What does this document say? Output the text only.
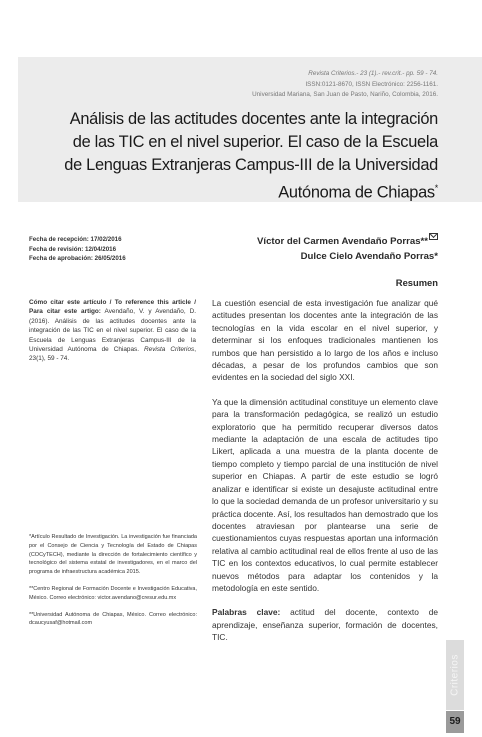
Revista Criterios.- 23 (1).- rev.crit.- pp. 59 - 74.
ISSN:0121-8670, ISSN Electrónico: 2256-1161.
Universidad Mariana, San Juan de Pasto, Nariño, Colombia, 2016.
Análisis de las actitudes docentes ante la integración
de las TIC en el nivel superior. El caso de la Escuela
de Lenguas Extranjeras Campus-III de la Universidad
Autónoma de Chiapas*
Fecha de recepción: 17/02/2016
Fecha de revisión: 12/04/2016
Fecha de aprobación: 26/05/2016
Víctor del Carmen Avendaño Porras**
Dulce Cielo Avendaño Porras*
Resumen
Cómo citar este artículo / To reference this article / Para citar este artigo: Avendaño, V. y Avendaño, D. (2016). Análisis de las actitudes docentes ante la integración de las TIC en el nivel superior. El caso de la Escuela de Lenguas Extranjeras Campus-III de la Universidad Autónoma de Chiapas. Revista Criterios, 23(1), 59 - 74.

La cuestión esencial de esta investigación fue analizar qué actitudes presentan los docentes ante la integración de las tecnologías en la vida escolar en el nivel superior, y determinar si los enfoques tradicionales mantienen los rumbos que han persistido a lo largo de los años e incluso décadas, a pesar de los profundos cambios que son evidentes en la sociedad del siglo XXI.

Ya que la dimensión actitudinal constituye un elemento clave para la transformación pedagógica, se realizó un estudio exploratorio que ha permitido recuperar diversos datos mediante la adaptación de una escala de actitudes tipo Likert, aplicada a una muestra de la planta docente de tiempo completo y tiempo parcial de una institución de nivel superior en Chiapas. A partir de este estudio se logró analizar e identificar si existe un desajuste actitudinal entre lo que la sociedad demanda de un profesor universitario y su práctica docente. Así, los resultados han demostrado que los docentes atraviesan por plantearse una serie de cuestionamientos cuyas respuestas aportan una información relativa al cambio actitudinal real de ellos frente al uso de las TIC en los contextos educativos, lo cual permite establecer nuevos métodos para adaptar los contenidos y la metodología en este sentido.

Palabras clave: actitud del docente, contexto de aprendizaje, enseñanza superior, formación de docentes, TIC.

*Artículo Resultado de Investigación. La investigación fue financiada por el Consejo de Ciencia y Tecnología del Estado de Chiapas (COCyTECH), mediante la dirección de fortalecimiento científico y tecnológico del sistema estatal de investigadores, en el marco del programa de infraestructura académica 2015.

**Centro Regional de Formación Docente e Investigación Educativa, México. Correo electrónico: victor.avendano@cresur.edu.mx

**Universidad Autónoma de Chiapas, México. Correo electrónico: dcaucyusaf@hotmail.com

Criterios
59
